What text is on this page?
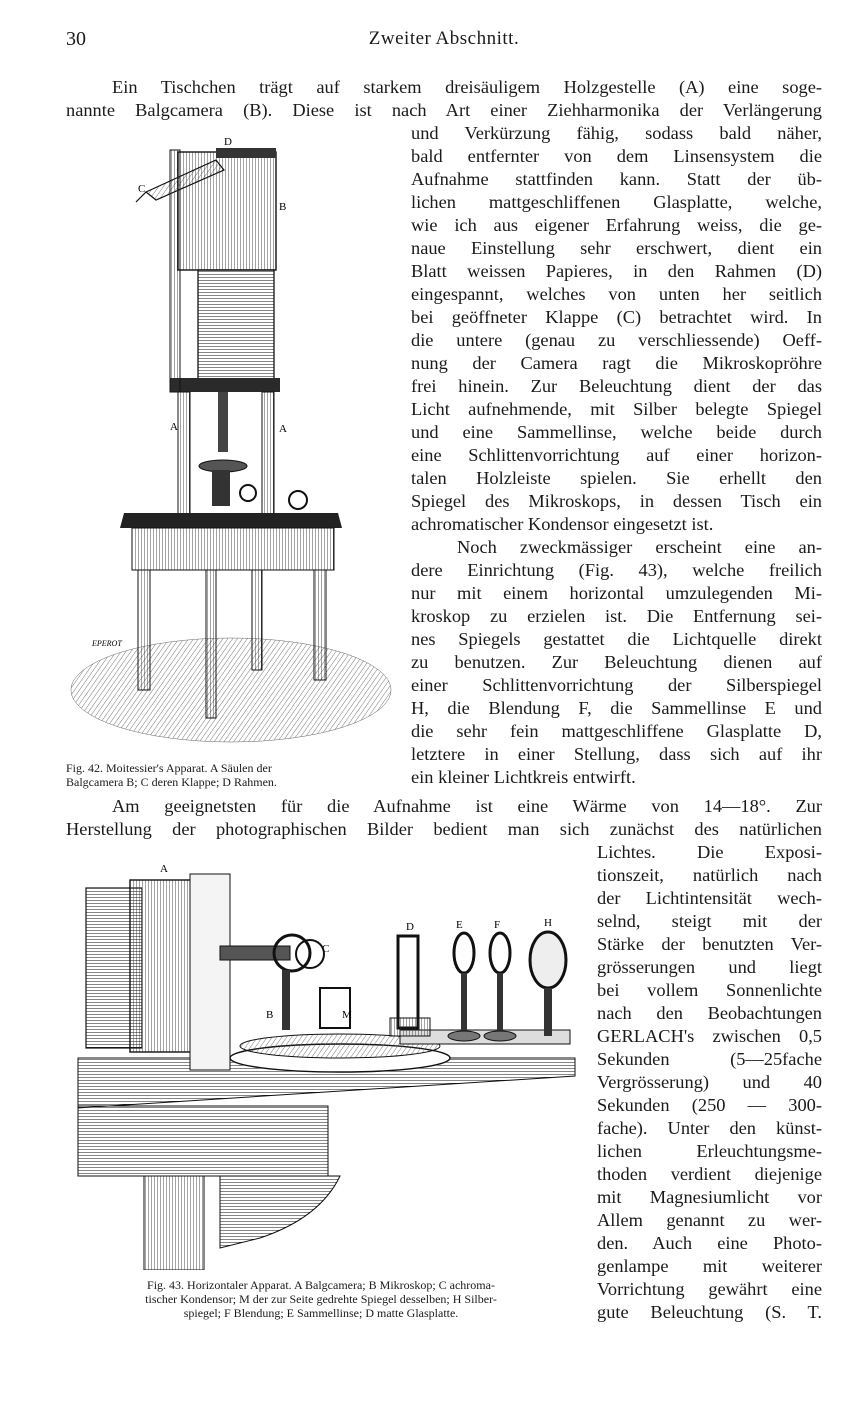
30	Zweiter Abschnitt.
Ein Tischchen trägt auf starkem dreisäuligem Holzgestelle (A) eine soge-
nannte Balgcamera (B). Diese ist nach Art einer Ziehharmonika der Verlängerung
und Verkürzung fähig, sodass bald näher,
bald entfernter von dem Linsensystem die
Aufnahme stattfinden kann. Statt der üb-
lichen mattgeschliffenen Glasplatte, welche,
wie ich aus eigener Erfahrung weiss, die ge-
naue Einstellung sehr erschwert, dient ein
Blatt weissen Papieres, in den Rahmen (D)
eingespannt, welches von unten her seitlich
bei geöffneter Klappe (C) betrachtet wird. In
die untere (genau zu verschliessende) Oeff-
nung der Camera ragt die Mikroskopröhre
frei hinein. Zur Beleuchtung dient der das
Licht aufnehmende, mit Silber belegte Spiegel
und eine Sammellinse, welche beide durch
eine Schlittenvorrichtung auf einer horizon-
talen Holzleiste spielen. Sie erhellt den
Spiegel des Mikroskops, in dessen Tisch ein
achromatischer Kondensor eingesetzt ist.
Noch zweckmässiger erscheint eine an-
dere Einrichtung (Fig. 43), welche freilich
nur mit einem horizontal umzulegenden Mi-
kroskop zu erzielen ist. Die Entfernung sei-
nes Spiegels gestattet die Lichtquelle direkt
zu benutzen. Zur Beleuchtung dienen auf
einer Schlittenvorrichtung der Silberspiegel
H, die Blendung F, die Sammellinse E und
die sehr fein mattgeschliffene Glasplatte D,
letztere in einer Stellung, dass sich auf ihr
ein kleiner Lichtkreis entwirft.
D
C
B
A	A
EPEROT
Fig. 42. Moitessier's Apparat. A Säulen der
Balgcamera B; C deren Klappe; D Rahmen.
Am geeignetsten für die Aufnahme ist eine Wärme von 14—18°. Zur
Herstellung der photographischen Bilder bedient man sich zunächst des natürlichen
Lichtes. Die Exposi-
tionszeit, natürlich nach
der Lichtintensität wech-
selnd, steigt mit der
Stärke der benutzten Ver-
grösserungen und liegt
bei vollem Sonnenlichte
nach den Beobachtungen
GERLACH's zwischen 0,5
Sekunden (5—25fache
Vergrösserung) und 40
Sekunden (250 — 300-
fache). Unter den künst-
lichen Erleuchtungsme-
thoden verdient diejenige
mit Magnesiumlicht vor
Allem genannt zu wer-
den. Auch eine Photo-
genlampe mit weiterer
Vorrichtung gewährt eine
gute Beleuchtung (S. T.
A
B
C
M
D	E	F	H
Fig. 43. Horizontaler Apparat. A Balgcamera; B Mikroskop; C achroma-
tischer Kondensor; M der zur Seite gedrehte Spiegel desselben; H Silber-
spiegel; F Blendung; E Sammellinse; D matte Glasplatte.
